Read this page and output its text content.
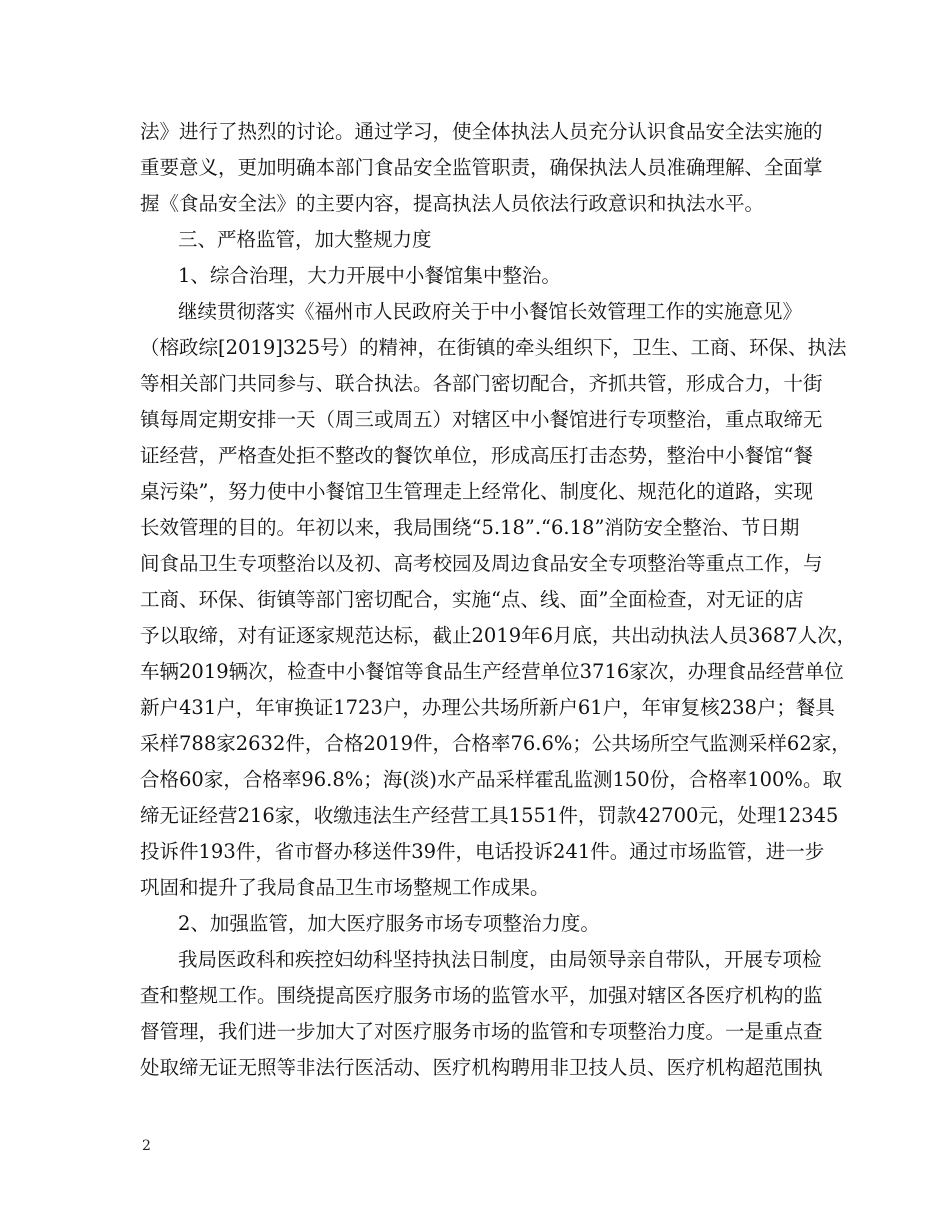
法》进行了热烈的讨论。通过学习，使全体执法人员充分认识食品安全法实施的
重要意义，更加明确本部门食品安全监管职责，确保执法人员准确理解、全面掌
握《食品安全法》的主要内容，提高执法人员依法行政意识和执法水平。
三、严格监管，加大整规力度
1、综合治理，大力开展中小餐馆集中整治。
继续贯彻落实《福州市人民政府关于中小餐馆长效管理工作的实施意见》
（榕政综[2019]325号）的精神，在街镇的牵头组织下，卫生、工商、环保、执法
等相关部门共同参与、联合执法。各部门密切配合，齐抓共管，形成合力，十街
镇每周定期安排一天（周三或周五）对辖区中小餐馆进行专项整治，重点取缔无
证经营，严格查处拒不整改的餐饮单位，形成高压打击态势，整治中小餐馆“餐
桌污染”，努力使中小餐馆卫生管理走上经常化、制度化、规范化的道路，实现
长效管理的目的。年初以来，我局围绕“5.18”.“6.18”消防安全整治、节日期
间食品卫生专项整治以及初、高考校园及周边食品安全专项整治等重点工作，与
工商、环保、街镇等部门密切配合，实施“点、线、面”全面检查，对无证的店
予以取缔，对有证逐家规范达标，截止2019年6月底，共出动执法人员3687人次，
车辆2019辆次，检查中小餐馆等食品生产经营单位3716家次，办理食品经营单位
新户431户，年审换证1723户，办理公共场所新户61户，年审复核238户；餐具
采样788家2632件，合格2019件，合格率76.6%；公共场所空气监测采样62家，
合格60家，合格率96.8%；海(淡)水产品采样霍乱监测150份，合格率100%。取
缔无证经营216家，收缴违法生产经营工具1551件，罚款42700元，处理12345
投诉件193件，省市督办移送件39件，电话投诉241件。通过市场监管，进一步
巩固和提升了我局食品卫生市场整规工作成果。
2、加强监管，加大医疗服务市场专项整治力度。
我局医政科和疾控妇幼科坚持执法日制度，由局领导亲自带队，开展专项检
查和整规工作。围绕提高医疗服务市场的监管水平，加强对辖区各医疗机构的监
督管理，我们进一步加大了对医疗服务市场的监管和专项整治力度。一是重点查
处取缔无证无照等非法行医活动、医疗机构聘用非卫技人员、医疗机构超范围执
2
